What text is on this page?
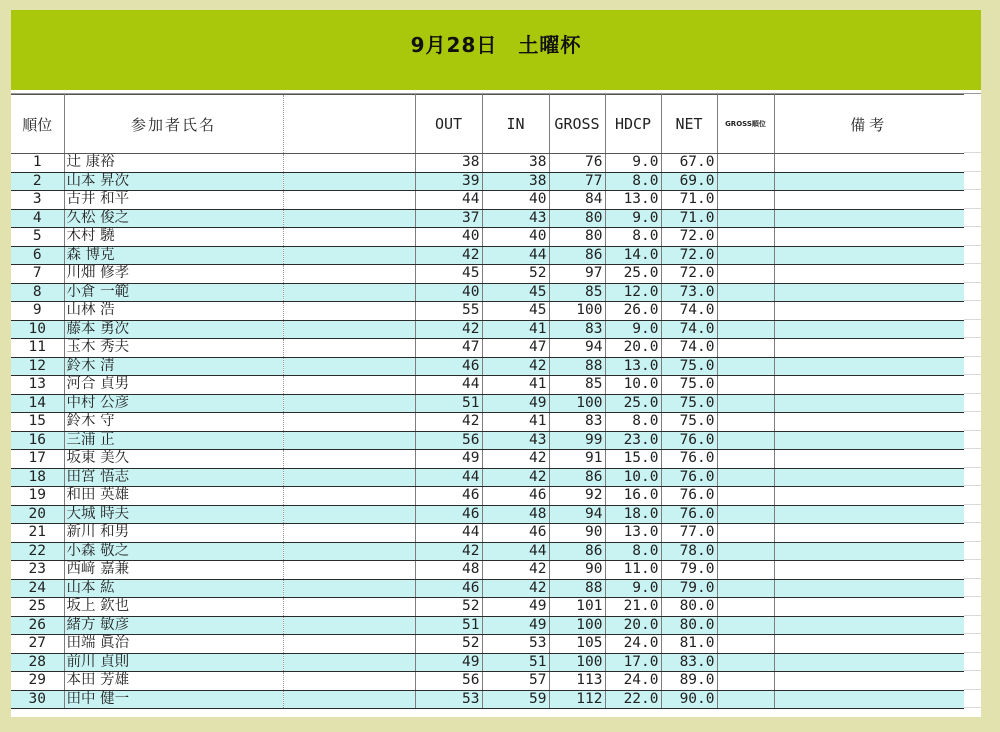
9月28日　土曜杯
順位	参加者氏名		OUT	IN	GROSS	HDCP	NET	GROSS順位	備考
1	辻 康裕		38	38	76	9.0	67.0		
2	山本 昇次		39	38	77	8.0	69.0		
3	古井 和平		44	40	84	13.0	71.0		
4	久松 俊之		37	43	80	9.0	71.0		
5	木村 驍		40	40	80	8.0	72.0		
6	森 博克		42	44	86	14.0	72.0		
7	川畑 修孝		45	52	97	25.0	72.0		
8	小倉 一範		40	45	85	12.0	73.0		
9	山林 浩		55	45	100	26.0	74.0		
10	藤本 勇次		42	41	83	9.0	74.0		
11	玉木 秀夫		47	47	94	20.0	74.0		
12	鈴木 清		46	42	88	13.0	75.0		
13	河合 貞男		44	41	85	10.0	75.0		
14	中村 公彦		51	49	100	25.0	75.0		
15	鈴木 守		42	41	83	8.0	75.0		
16	三浦 正		56	43	99	23.0	76.0		
17	坂東 美久		49	42	91	15.0	76.0		
18	田宮 悟志		44	42	86	10.0	76.0		
19	和田 英雄		46	46	92	16.0	76.0		
20	大城 時夫		46	48	94	18.0	76.0		
21	新川 和男		44	46	90	13.0	77.0		
22	小森 敬之		42	44	86	8.0	78.0		
23	西﨑 嘉兼		48	42	90	11.0	79.0		
24	山本 紘		46	42	88	9.0	79.0		
25	坂上 欽也		52	49	101	21.0	80.0		
26	緒方 敏彦		51	49	100	20.0	80.0		
27	田端 眞治		52	53	105	24.0	81.0		
28	前川 貞則		49	51	100	17.0	83.0		
29	本田 芳雄		56	57	113	24.0	89.0		
30	田中 健一		53	59	112	22.0	90.0		
